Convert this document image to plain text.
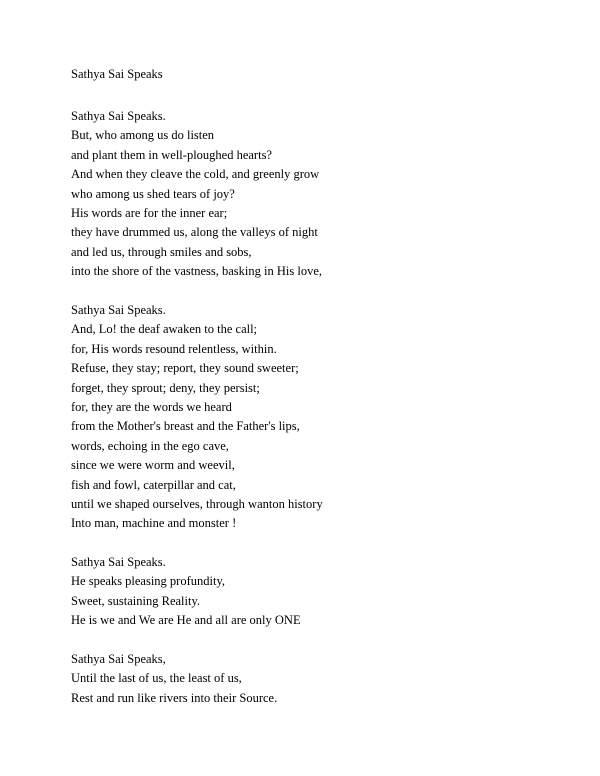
Sathya Sai Speaks
Sathya Sai Speaks.
But, who among us do listen
and plant them in well-ploughed hearts?
And when they cleave the cold, and greenly grow
who among us shed tears of joy?
His words are for the inner ear;
they have drummed us, along the valleys of night
and led us, through smiles and sobs,
into the shore of the vastness, basking in His love,
Sathya Sai Speaks.
And, Lo! the deaf awaken to the call;
for, His words resound relentless, within.
Refuse, they stay; report, they sound sweeter;
forget, they sprout; deny, they persist;
for, they are the words we heard
from the Mother's breast and the Father's lips,
words, echoing in the ego cave,
since we were worm and weevil,
fish and fowl, caterpillar and cat,
until we shaped ourselves, through wanton history
Into man, machine and monster !
Sathya Sai Speaks.
He speaks pleasing profundity,
Sweet, sustaining Reality.
He is we and We are He and all are only ONE
Sathya Sai Speaks,
Until the last of us, the least of us,
Rest and run like rivers into their Source.
